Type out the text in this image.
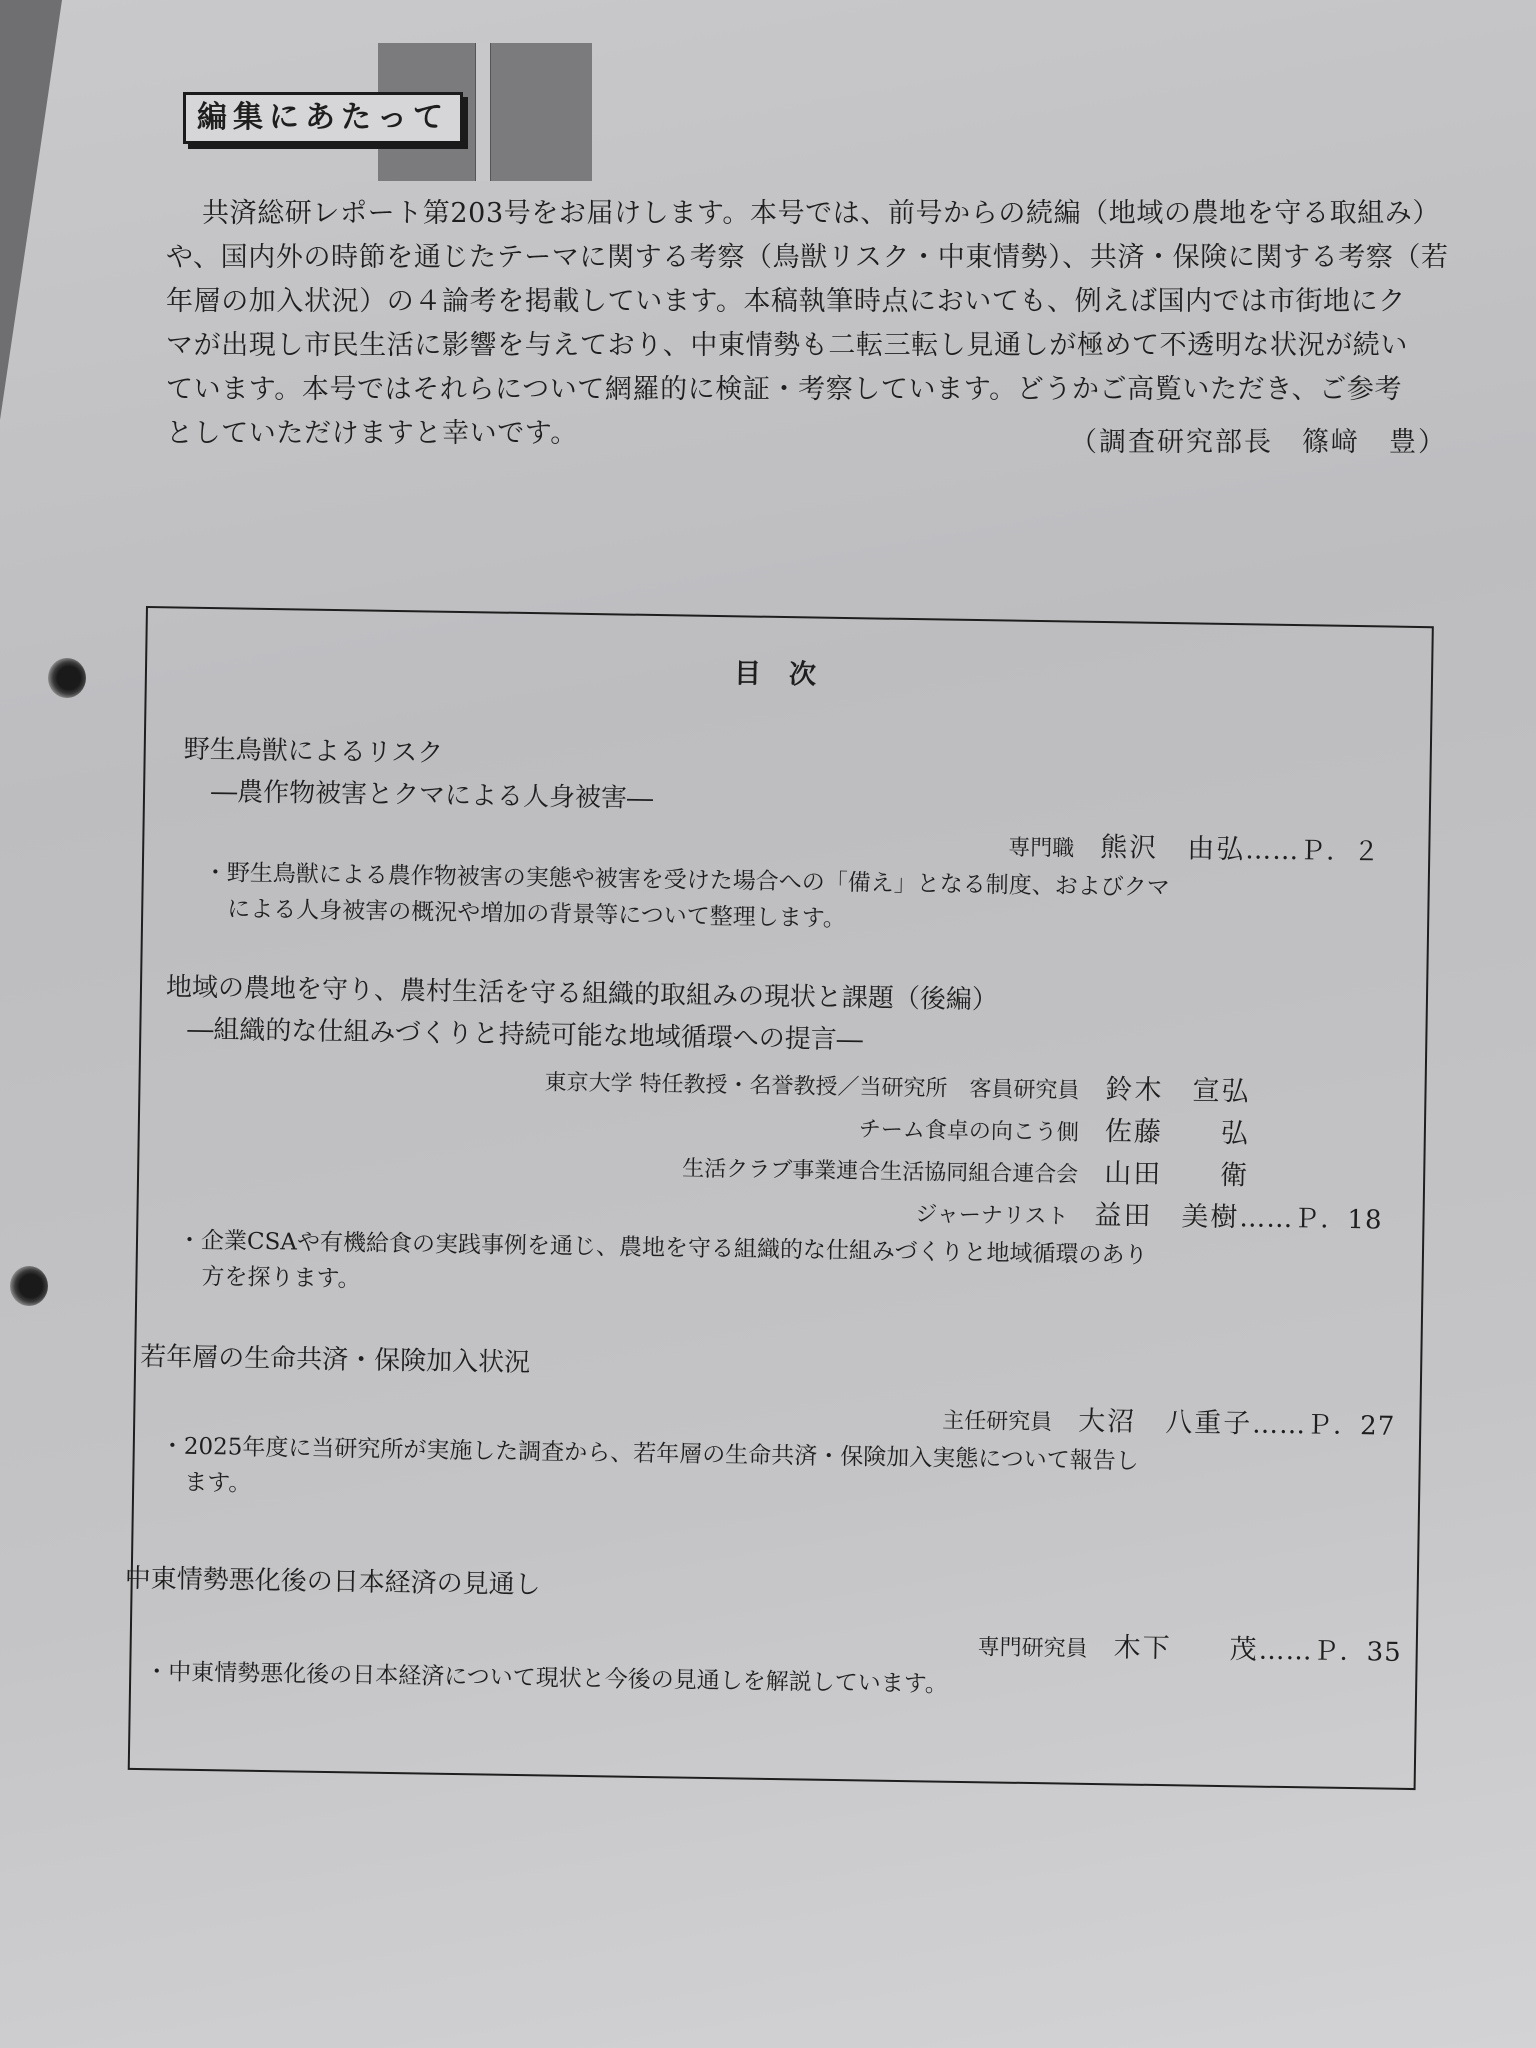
編集にあたって

共済総研レポート第203号をお届けします。本号では、前号からの続編（地域の農地を守る取組み）
や、国内外の時節を通じたテーマに関する考察（鳥獣リスク・中東情勢）、共済・保険に関する考察（若
年層の加入状況）の４論考を掲載しています。本稿執筆時点においても、例えば国内では市街地にク
マが出現し市民生活に影響を与えており、中東情勢も二転三転し見通しが極めて不透明な状況が続い
ています。本号ではそれらについて網羅的に検証・考察しています。どうかご高覧いただき、ご参考
としていただけますと幸いです。	（調査研究部長　篠﨑　豊）
目次
野生鳥獣によるリスク
―農作物被害とクマによる人身被害―
専門職 熊沢　由弘……Ｐ．２
・野生鳥獣による農作物被害の実態や被害を受けた場合への「備え」となる制度、およびクマ
による人身被害の概況や増加の背景等について整理します。
地域の農地を守り、農村生活を守る組織的取組みの現状と課題（後編）
―組織的な仕組みづくりと持続可能な地域循環への提言―
東京大学 特任教授・名誉教授／当研究所　客員研究員 鈴木　宣弘
チーム食卓の向こう側 佐藤　　弘
生活クラブ事業連合生活協同組合連合会 山田　　衛
ジャーナリスト 益田　美樹……Ｐ．18
・企業CSAや有機給食の実践事例を通じ、農地を守る組織的な仕組みづくりと地域循環のあり
方を探ります。
若年層の生命共済・保険加入状況
主任研究員 大沼　八重子……Ｐ．27
・2025年度に当研究所が実施した調査から、若年層の生命共済・保険加入実態について報告し
ます。
中東情勢悪化後の日本経済の見通し
専門研究員 木下　　茂……Ｐ．35
・中東情勢悪化後の日本経済について現状と今後の見通しを解説しています。
